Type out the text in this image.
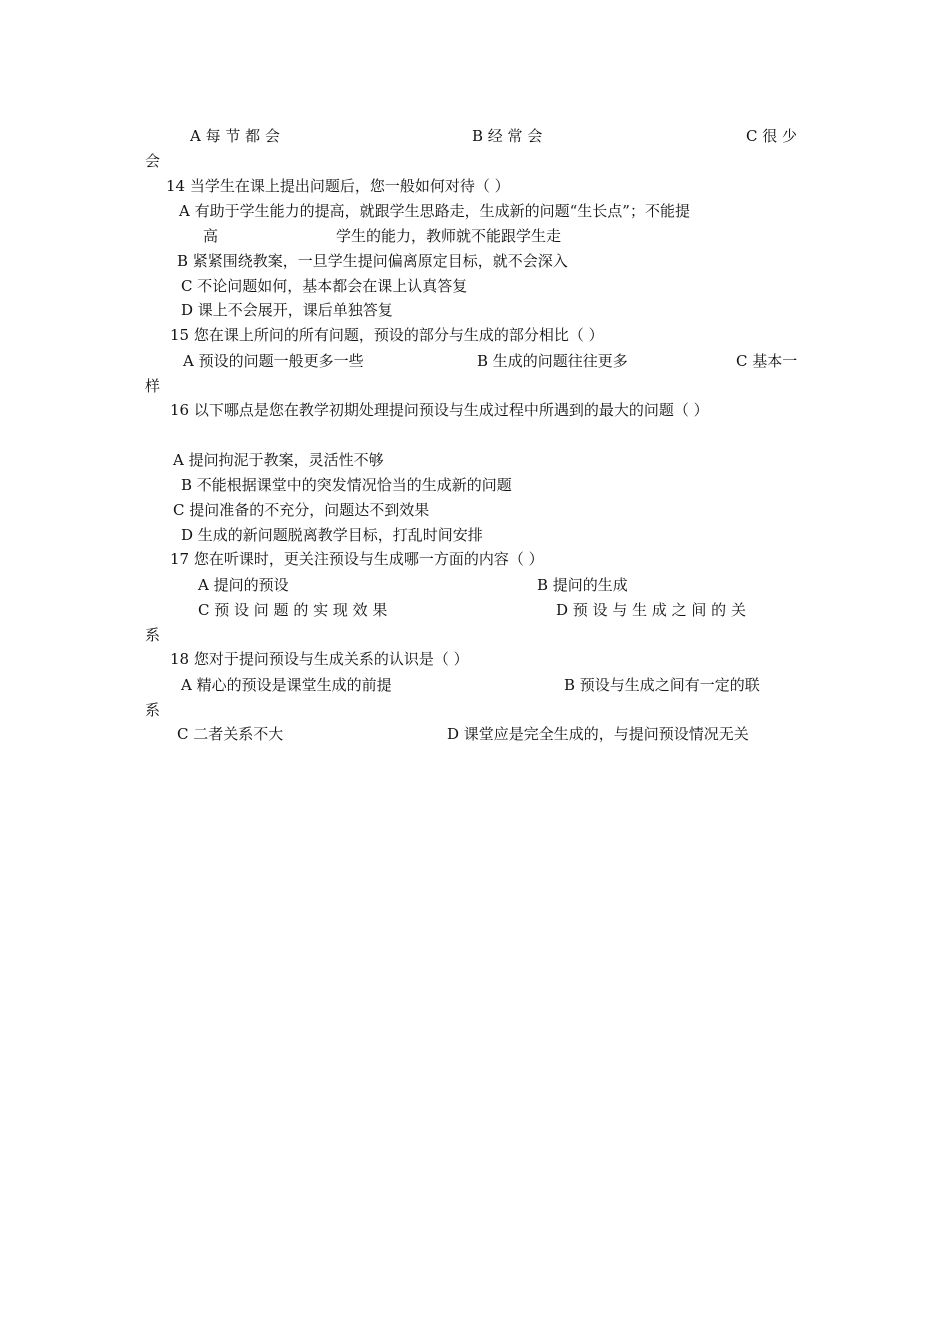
A 每 节 都 会	B 经 常 会	C 很 少
会
14 当学生在课上提出问题后，您一般如何对待（ ）
A 有助于学生能力的提高，就跟学生思路走，生成新的问题“生长点”；不能提
高	学生的能力，教师就不能跟学生走
B 紧紧围绕教案，一旦学生提问偏离原定目标，就不会深入
C 不论问题如何，基本都会在课上认真答复
D 课上不会展开，课后单独答复
15 您在课上所问的所有问题，预设的部分与生成的部分相比（ ）
A 预设的问题一般更多一些	B 生成的问题往往更多	C 基本一
样
16 以下哪点是您在教学初期处理提问预设与生成过程中所遇到的最大的问题（ ）
A 提问拘泥于教案，灵活性不够
B 不能根据课堂中的突发情况恰当的生成新的问题
C 提问准备的不充分，问题达不到效果
D 生成的新问题脱离教学目标，打乱时间安排
17 您在听课时，更关注预设与生成哪一方面的内容（ ）
A 提问的预设	B 提问的生成
C 预 设 问 题 的 实 现 效 果	D 预 设 与 生 成 之 间 的 关
系
18 您对于提问预设与生成关系的认识是（ ）
A 精心的预设是课堂生成的前提	B 预设与生成之间有一定的联
系
C 二者关系不大	D 课堂应是完全生成的，与提问预设情况无关
